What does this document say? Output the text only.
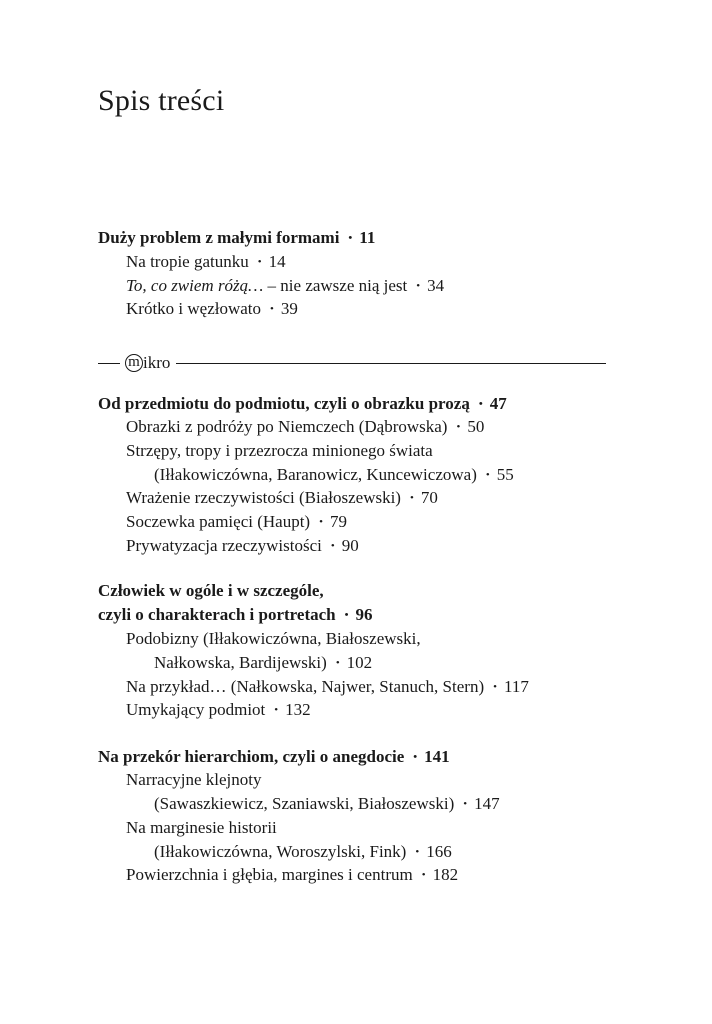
Spis treści
Duży problem z małymi formami • 11
Na tropie gatunku • 14
To, co zwiem różą… – nie zawsze nią jest • 34
Krótko i węzłowato • 39
m ikro
Od przedmiotu do podmiotu, czyli o obrazku prozą • 47
Obrazki z podróży po Niemczech (Dąbrowska) • 50
Strzępy, tropy i przezrocza minionego świata
(Iłłakowiczówna, Baranowicz, Kuncewiczowa) • 55
Wrażenie rzeczywistości (Białoszewski) • 70
Soczewka pamięci (Haupt) • 79
Prywatyzacja rzeczywistości • 90
Człowiek w ogóle i w szczególe,
czyli o charakterach i portretach • 96
Podobizny (Iłłakowiczówna, Białoszewski,
Nałkowska, Bardijewski) • 102
Na przykład… (Nałkowska, Najwer, Stanuch, Stern) • 117
Umykający podmiot • 132
Na przekór hierarchiom, czyli o anegdocie • 141
Narracyjne klejnoty
(Sawaszkiewicz, Szaniawski, Białoszewski) • 147
Na marginesie historii
(Iłłakowiczówna, Woroszylski, Fink) • 166
Powierzchnia i głębia, margines i centrum • 182
